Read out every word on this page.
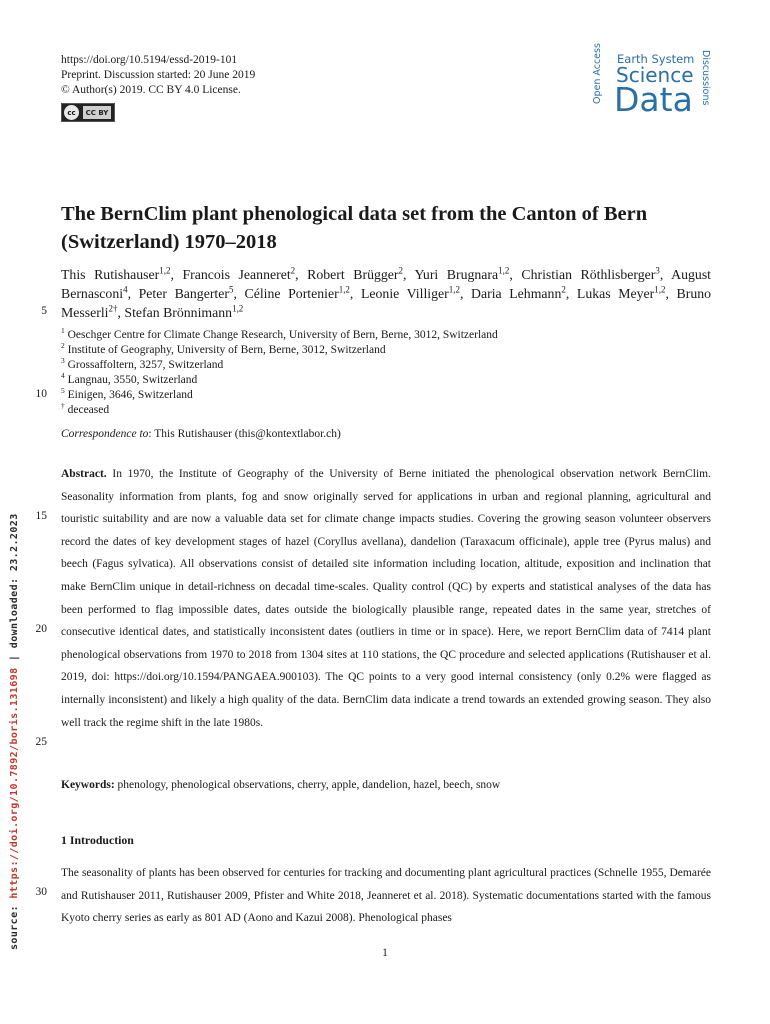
https://doi.org/10.5194/essd-2019-101
Preprint. Discussion started: 20 June 2019
© Author(s) 2019. CC BY 4.0 License.
cc	CC BY
Open Access Earth System
Science
Data Discussions
The BernClim plant phenological data set from the Canton of Bern (Switzerland) 1970–2018
This Rutishauser$^{1,2}$, Francois Jeanneret$^2$, Robert Brügger$^2$, Yuri Brugnara$^{1,2}$, Christian Röthlisberger$^3$, August Bernasconi$^4$, Peter Bangerter$^5$, Céline Portenier$^{1,2}$, Leonie Villiger$^{1,2}$, Daria Lehmann$^2$, Lukas Meyer$^{1,2}$, Bruno Messerli$^{2\dagger}$, Stefan Brönnimann$^{1,2}$
$^1$ Oeschger Centre for Climate Change Research, University of Bern, Berne, 3012, Switzerland
$^2$ Institute of Geography, University of Bern, Berne, 3012, Switzerland
$^3$ Grossaffoltern, 3257, Switzerland
$^4$ Langnau, 3550, Switzerland
$^5$ Einigen, 3646, Switzerland
† deceased
Correspondence to: This Rutishauser (this@kontextlabor.ch)
5
10
15
20
25
30
Abstract. In 1970, the Institute of Geography of the University of Berne initiated the phenological observation network BernClim. Seasonality information from plants, fog and snow originally served for applications in urban and regional planning, agricultural and touristic suitability and are now a valuable data set for climate change impacts studies. Covering the growing season volunteer observers record the dates of key development stages of hazel (Coryllus avellana), dandelion (Taraxacum officinale), apple tree (Pyrus malus) and beech (Fagus sylvatica). All observations consist of detailed site information including location, altitude, exposition and inclination that make BernClim unique in detail-richness on decadal time-scales. Quality control (QC) by experts and statistical analyses of the data has been performed to flag impossible dates, dates outside the biologically plausible range, repeated dates in the same year, stretches of consecutive identical dates, and statistically inconsistent dates (outliers in time or in space). Here, we report BernClim data of 7414 plant phenological observations from 1970 to 2018 from 1304 sites at 110 stations, the QC procedure and selected applications (Rutishauser et al. 2019, doi: https://doi.org/10.1594/PANGAEA.900103). The QC points to a very good internal consistency (only 0.2% were flagged as internally inconsistent) and likely a high quality of the data. BernClim data indicate a trend towards an extended growing season. They also well track the regime shift in the late 1980s.
Keywords: phenology, phenological observations, cherry, apple, dandelion, hazel, beech, snow
1 Introduction
The seasonality of plants has been observed for centuries for tracking and documenting plant agricultural practices (Schnelle 1955, Demarée and Rutishauser 2011, Rutishauser 2009, Pfister and White 2018, Jeanneret et al. 2018). Systematic documentations started with the famous Kyoto cherry series as early as 801 AD (Aono and Kazui 2008). Phenological phases
1
source: https://doi.org/10.7892/boris.131698 | downloaded: 23.2.2023
